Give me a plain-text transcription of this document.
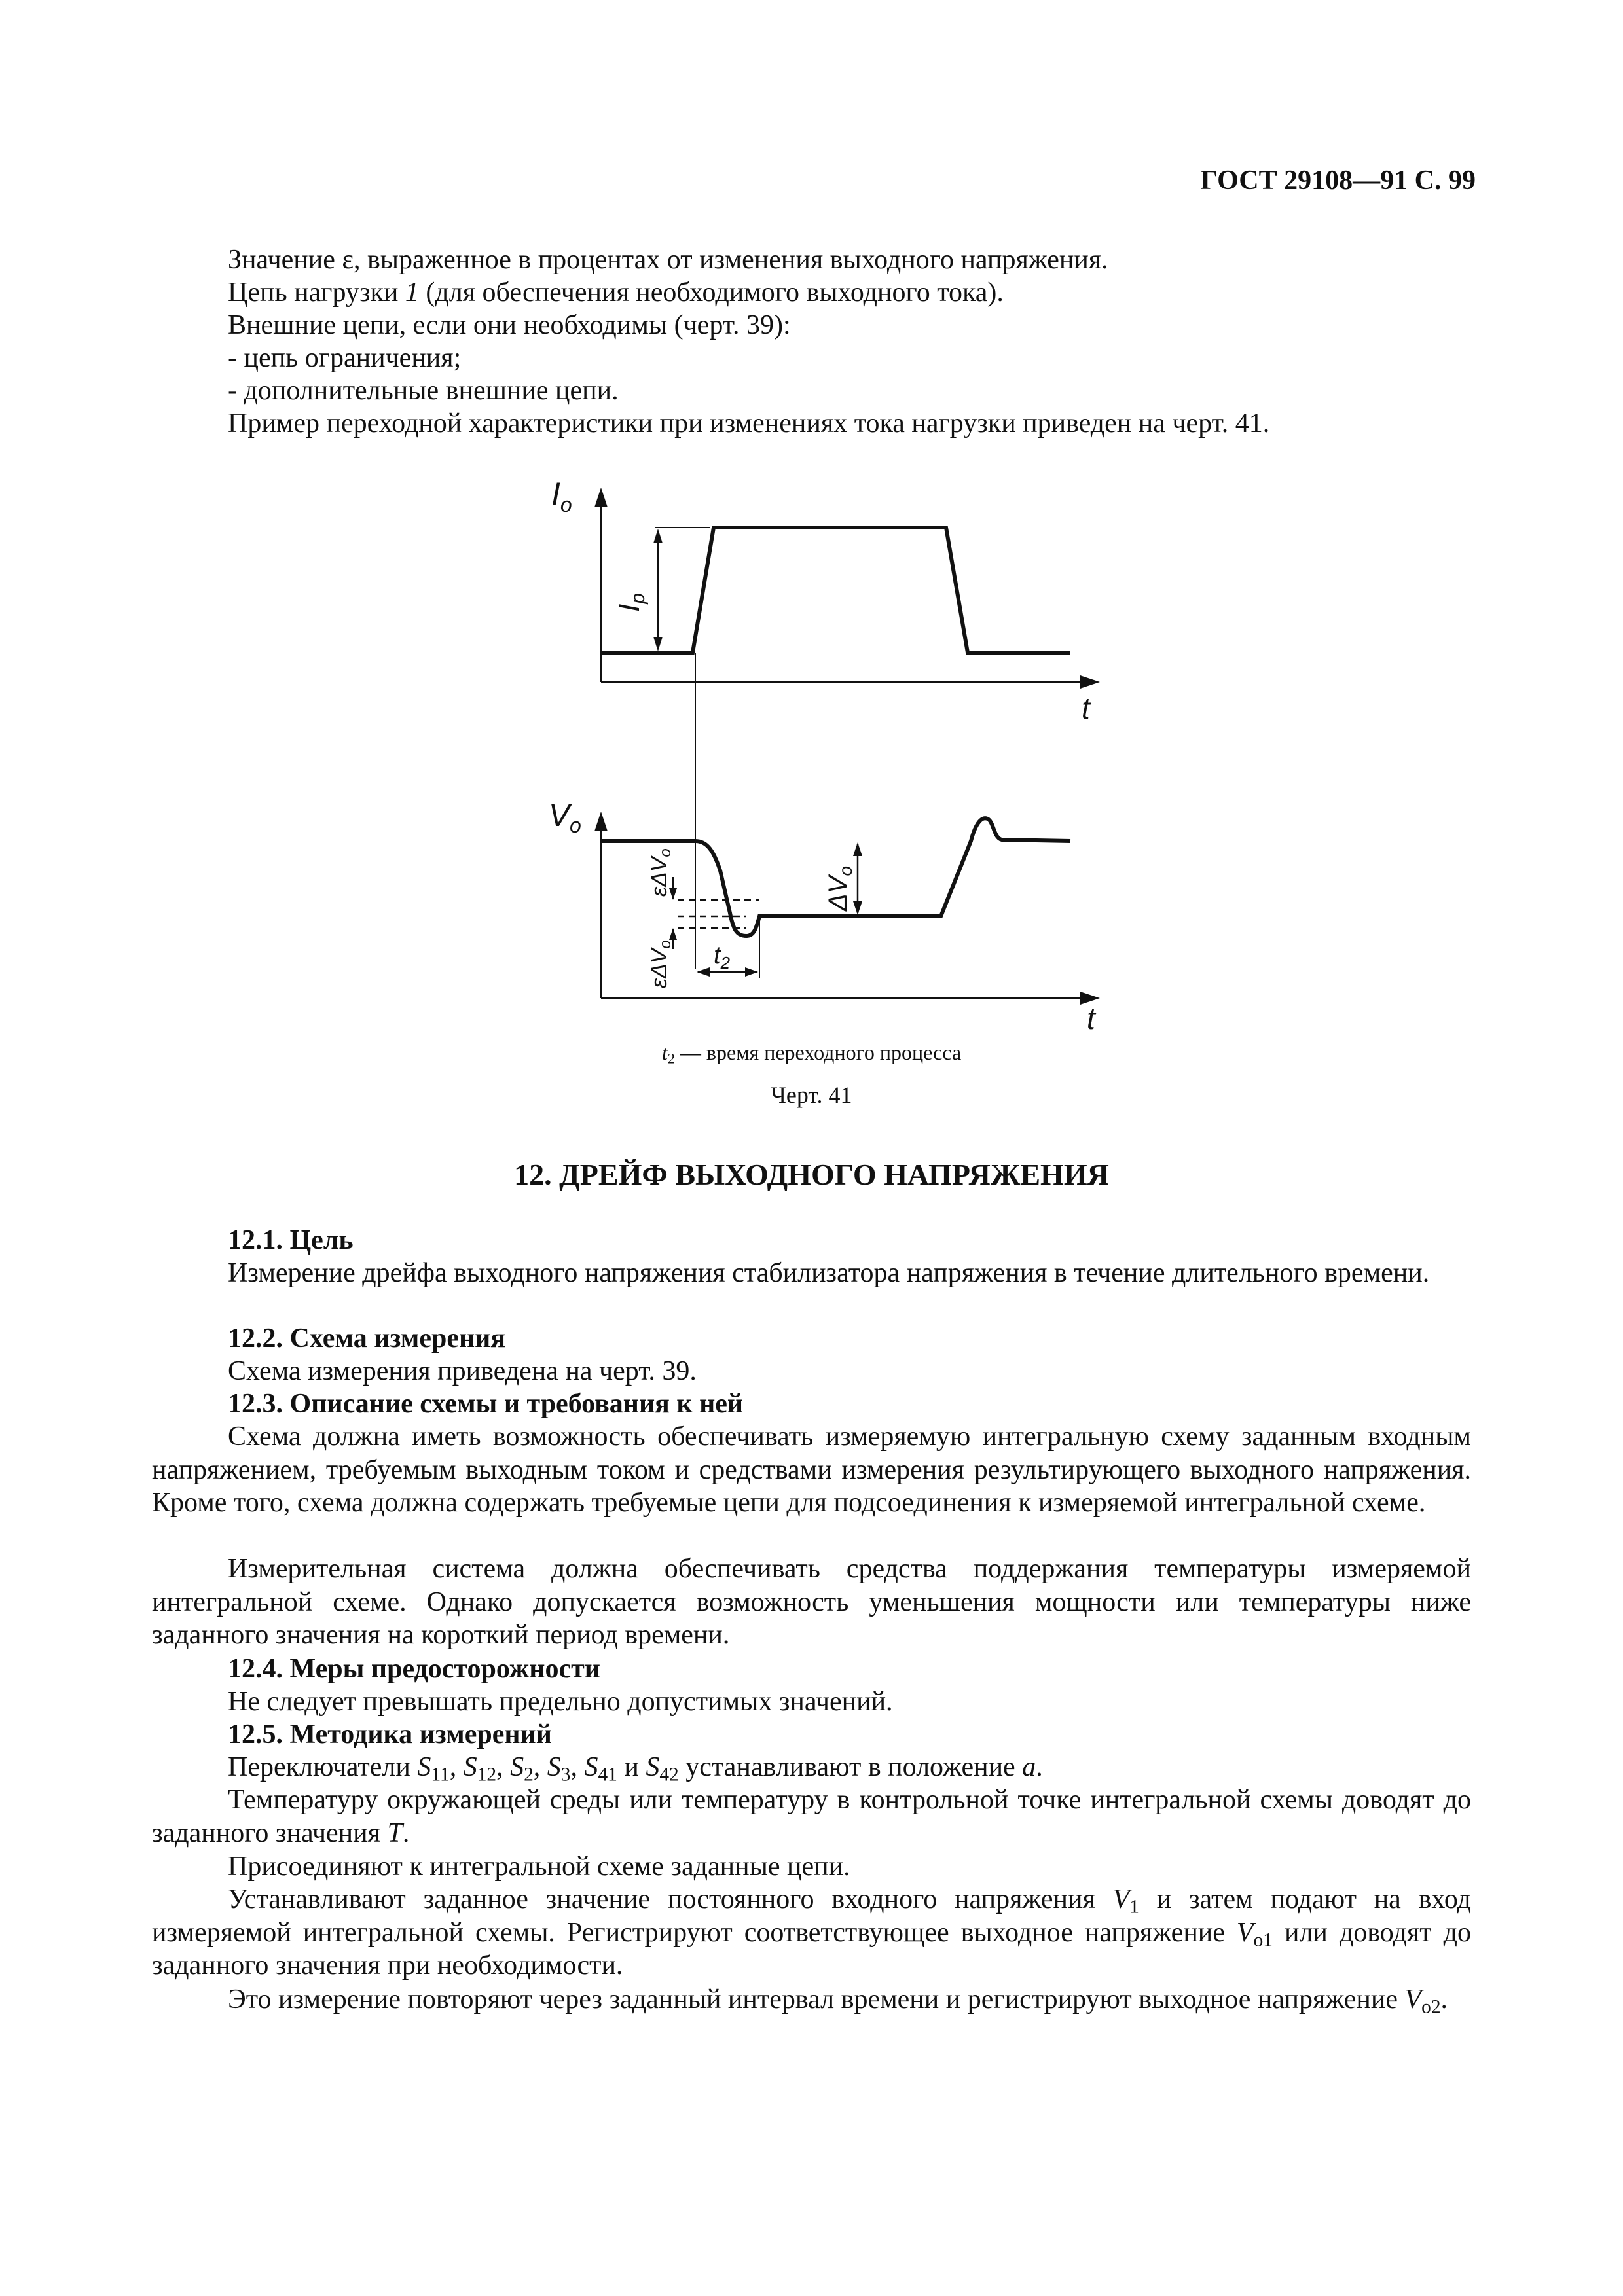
ГОСТ 29108—91 С. 99
Значение ε, выраженное в процентах от изменения выходного напряжения.
Цепь нагрузки 1 (для обеспечения необходимого выходного тока).
Внешние цепи, если они необходимы (черт. 39):
- цепь ограничения;
- дополнительные внешние цепи.
Пример переходной характеристики при изменениях тока нагрузки приведен на черт. 41.
$I_o$
Ip
t
$V_o$
$\Delta V_o$
εΔVo
εΔVo $t_2$
t
$t_2$ — время переходного процесса
Черт. 41
12. ДРЕЙФ ВЫХОДНОГО НАПРЯЖЕНИЯ
12.1. Цель

Измерение дрейфа выходного напряжения стабилизатора напряжения в течение длительного времени.

12.2. Схема измерения
Схема измерения приведена на черт. 39.
12.3. Описание схемы и требования к ней

Схема должна иметь возможность обеспечивать измеряемую интегральную схему заданным входным напряжением, требуемым выходным током и средствами измерения результирующего выходного напряжения. Кроме того, схема должна содержать требуемые цепи для подсоединения к измеряемой интегральной схеме.

Измерительная система должна обеспечивать средства поддержания температуры измеряемой интегральной схеме. Однако допускается возможность уменьшения мощности или температуры ниже заданного значения на короткий период времени.

12.4. Меры предосторожности
Не следует превышать предельно допустимых значений.
12.5. Методика измерений
Переключатели $S_{11}$, $S_{12}$, $S_2$, $S_3$, $S_{41}$ и $S_{42}$ устанавливают в положение a.

Температуру окружающей среды или температуру в контрольной точке интегральной схемы доводят до заданного значения T.

Присоединяют к интегральной схеме заданные цепи.

Устанавливают заданное значение постоянного входного напряжения $V_1$ и затем подают на вход измеряемой интегральной схемы. Регистрируют соответствующее выходное напряжение $V_{o1}$ или доводят до заданного значения при необходимости.

Это измерение повторяют через заданный интервал времени и регистрируют выходное напряжение $V_{o2}$.
